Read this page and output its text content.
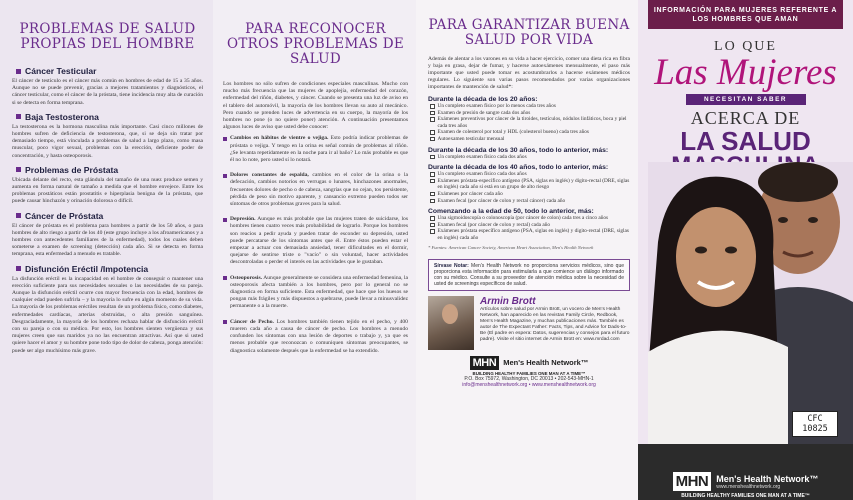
PROBLEMAS DE SALUD PROPIAS DEL HOMBRE
Cáncer Testicular

El cáncer de testículo es el cáncer más común en hombres de edad de 15 a 35 años. Aunque no se puede prevenir, gracias a mejores tratamientos y diagnósticos, el cáncer testicular, como el cáncer de la próstata, tiene incidencia muy alta de curación si se detecta en forma temprana.

Baja Testosterona

La testosterona es la hormona masculina más importante. Casi cinco millones de hombres sufren de deficiencia de testosterona, que, si se deja sin tratar por demasiado tiempo, está vinculada a problemas de salud a largo plazo, como masa muscular, poco vigor sexual, problemas con la erección, deficiente poder de concentración, y hasta osteoporosis.

Problemas de Próstata

Ubicada delante del recto, esta glándula del tamaño de una nuez produce semen y aumenta en forma natural de tamaño a medida que el hombre envejece. Entre los problemas prostáticos están prostatitis e hiperplasia benigna de la próstata, que puede causar hinchazón y orinación dolorosa o difícil.

Cáncer de Próstata

El cáncer de próstata es el problema para hombres a partir de los 50 años, o para hombres de alto riesgo a partir de los 40 (este grupo incluye a los afroamericanos y a hombres con antecedentes familiares de la enfermedad), todos los cuales deben someterse a examen de screening (detección) cada año. Si se detecta en forma temprana, esta enfermedad a menudo es tratable.

Disfunción Eréctil /Impotencia

La disfunción eréctil es la incapacidad en el hombre de conseguir o mantener una erección suficiente para sus necesidades sexuales o las necesidades de su pareja. Aunque la disfunción eréctil ocurre con mayor frecuencia con la edad, hombres de cualquier edad pueden sufrirla – y la mayoría lo sufre en algún momento de su vida. La mayoría de los problemas eréctiles resultan de un problema físico, como diabetes, enfermedades cardíacas, arterias obstruidas, o alta presión sanguínea. Desgraciadamente, la mayoría de los hombres rechaza hablar de disfunción eréctil con su pareja o con su médico. Por esto, los hombres sienten vergüenza y sus mujeres creen que sus maridos ya no las encuentran atractivas. Así que si usted quiere hacer el amor y su hombre pone todo tipo de dolor de cabeza, ponga atención: puede ser algo muchísimo más grave.

PARA RECONOCER OTROS PROBLEMAS DE SALUD

Los hombres no sólo sufren de condiciones especiales masculinas. Mucho con mucho más frecuencia que las mujeres de apoplejía, enfermedad del corazón, enfermedad del riñón, diabetes, y cáncer. Cuando se presenta una luz de aviso en el tablero del automóvil, la mayoría de los hombres llevan su auto al mecánico. Pero cuando se prenden luces de advertencia en su cuerpo, la mayoría de los hombres no pone (o no quiere poner) atención. A continuación presentamos algunos luces de aviso que usted debe conocer:

Cambios en hábitos de vientre o vejiga. Esto podría indicar problemas de próstata o vejiga. Y tengo en la orina es señal común de problemas al riñón. ¿Se levanta repetidamente en la noche para ir al baño? Lo más probable es que él no lo note, pero usted sí lo notará.

Dolores constantes de espalda, cambios en el color de la orina o la defecación, cambios notorios en verrugas o lunares, hinchazones anormales, frecuentes dolores de pecho o de cabeza, sangrías que no cejan, tos persistente, pérdida de peso sin motivo aparente, y cansancio extremo pueden todos ser síntomas de otros problemas graves para la salud.

Depresión. Aunque es más probable que las mujeres traten de suicidarse, los hombres tienen cuatro veces más probabilidad de lograrlo. Porque los hombres son reacios a pedir ayuda y pueden tratar de esconder su depresión, usted puede percatarse de los síntomas antes que él. Entre éstos pueden estar el empezar a actuar con demasiada ansiedad, tener dificultades en el dormir, quejarse de sentirse triste o "vacío" o sin voluntad, hacer actividades descontroladas o perder el interés en las actividades que le gustaban.

Osteoporosis. Aunque generalmente se considera una enfermedad femenina, la osteoporosis afecta también a los hombres, pero por lo general no se diagnostica en forma suficiente. Esta enfermedad, que hace que los huesos se pongan más frágiles y más dispuestos a quebrarse, puede llevar a minusvalidez permanente o a la muerte.

Cáncer de Pecho. Los hombres también tienen tejido en el pecho, y 400 mueren cada año a causa de cáncer de pecho. Los hombres a menudo confunden los síntomas con una lesión de deportes o trabajo y, ya que es menos probable que reconozcan o comuniquen síntomas preocupantes, se diagnostica solamente después que la enfermedad se ha extendido.

PARA GARANTIZAR BUENA SALUD POR VIDA

Además de alentar a los varones en su vida a hacer ejercicio, comer una dieta rica en fibra y baja en grasa, dejar de fumar, y hacerse autoexámenes mensualmente, el paso más importante que usted puede tomar es acostumbrarlos a hacerse exámenes médicos regulares. Lo siguiente son varias pasos recomendados por varias organizaciones importantes de mantención de salud*:

Durante la década de los 20 años:
Un completo examen físico por lo menos cada tres años
Examen de presión de sangre cada dos años
Exámenes preventivos por cáncer de la tiroides, testículos, nódulos linfáticos, boca y piel cada tres años
Examen de colesterol por total y HDL (colesterol bueno) cada tres años
Autoexamen testicular mensual
Durante la década de los 30 años, todo lo anterior, más:
Un completo examen físico cada dos años
Durante la década de los 40 años, todo lo anterior, más:
Un completo examen físico cada dos años
Exámenes próstata-específico antígeno (PSA, siglas en inglés) y digito-rectal (DRE, siglas en inglés) cada año si está en un grupo de alto riesgo
Exámenes por cáncer cada año
Examen fecal (por cáncer de colon y rectal cáncer) cada año
Comenzando a la edad de 50, todo lo anterior, más:
Una sigmoidoscopía o colonoscopía (por cáncer de colon) cada tres a cinco años
Examen fecal (por cáncer de colon y rectal) cada año
Exámenes próstata específico antígeno (PSA, siglas en inglés) y digito-rectal (DRE, siglas en inglés) cada año

* Fuentes: American Cancer Society, American Heart Association, Men's Health Network

Sírvase Notar: Men's Health Network no proporciona servicios médicos, sino que proporciona esta información para estimularla a que comience un diálogo informado con su médico. Consulte a su proveedor de atención médica sobre la necesidad de usted de screenings específicos de salud.

Armin Brott

Artículos sobre salud por Armin Brott, un vocero de Men's Health Network, han aparecido en las revistas Family Circle, Redbook, Men's Health Magazine, y muchas publicaciones más. También es autor de The Expectant Father: Facts, Tips, and Advice for Dads-to-Be (El padre en espera: Datos, sugerencias y consejos para el futuro padre). Visite el sitio internet de Armin Brott en: www.mrdad.com

MHN Men's Health Network™
BUILDING HEALTHY FAMILIES ONE MAN AT A TIME™
P.O. Box 75972, Washington, DC 20013 • 202-543-MHN-1
info@menshealthnetwork.org • www.menshealthnetwork.org
INFORMACIÓN PARA MUJERES REFERENTE A LOS HOMBRES QUE AMAN
LO QUE
Las Mujeres
NECESITAN SABER
ACERCA DE
LA SALUD
CFC
10825
MHN Men's Health Network™
www.menshealthnetwork.org
BUILDING HEALTHY FAMILIES ONE MAN AT A TIME™
